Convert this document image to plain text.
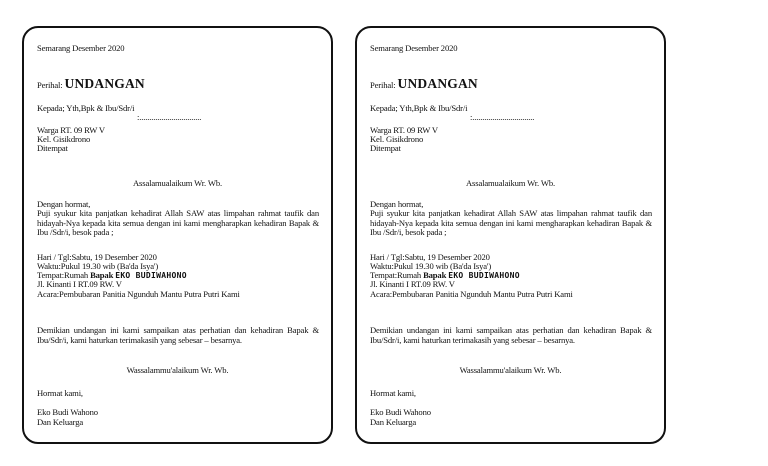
Semarang Desember 2020
Perihal: UNDANGAN
Kepada; Yth,Bpk & Ibu/Sdr/i
:...............................
Warga RT. 09 RW V
Kel. Gisikdrono
Ditempat
Assalamualaikum Wr. Wb.
Dengan hormat,
Puji syukur kita panjatkan kehadirat Allah SAW atas limpahan rahmat taufik dan hidayah-Nya kepada kita semua dengan ini kami mengharapkan kehadiran Bapak & Ibu /Sdr/i, besok pada ;
Hari / Tgl:Sabtu, 19 Desember 2020
Waktu:Pukul 19.30 wib (Ba'da Isya')
Tempat:Rumah Bapak EKO BUDIWAHONO
Jl. Kinanti I RT.09 RW. V
Acara:Pembubaran Panitia Ngunduh Mantu Putra Putri Kami
Demikian undangan ini kami sampaikan atas perhatian dan kehadiran Bapak & Ibu/Sdr/i, kami haturkan terimakasih yang sebesar – besarnya.
Wassalammu'alaikum Wr. Wb.
Hormat kami,
Eko Budi Wahono
Dan Keluarga
Semarang Desember 2020
Perihal: UNDANGAN
Kepada; Yth,Bpk & Ibu/Sdr/i
:...............................
Warga RT. 09 RW V
Kel. Gisikdrono
Ditempat
Assalamualaikum Wr. Wb.
Dengan hormat,
Puji syukur kita panjatkan kehadirat Allah SAW atas limpahan rahmat taufik dan hidayah-Nya kepada kita semua dengan ini kami mengharapkan kehadiran Bapak & Ibu /Sdr/i, besok pada ;
Hari / Tgl:Sabtu, 19 Desember 2020
Waktu:Pukul 19.30 wib (Ba'da Isya')
Tempat:Rumah Bapak EKO BUDIWAHONO
Jl. Kinanti I RT.09 RW. V
Acara:Pembubaran Panitia Ngunduh Mantu Putra Putri Kami
Demikian undangan ini kami sampaikan atas perhatian dan kehadiran Bapak & Ibu/Sdr/i, kami haturkan terimakasih yang sebesar – besarnya.
Wassalammu'alaikum Wr. Wb.
Hormat kami,
Eko Budi Wahono
Dan Keluarga
